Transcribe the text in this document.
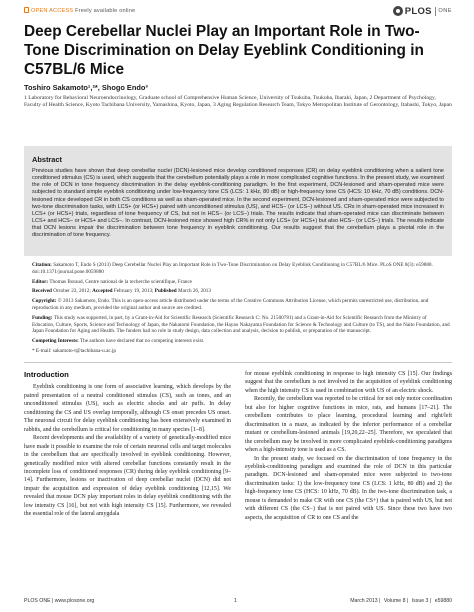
OPEN ACCESS Freely available online	PLOS ONE
Deep Cerebellar Nuclei Play an Important Role in Two-Tone Discrimination on Delay Eyeblink Conditioning in C57BL/6 Mice
Toshiro Sakamoto¹,²*, Shogo Endo³
1 Laboratory for Behavioral Neuroendocrinology, Graduate school of Comprehensive Human Science, University of Tsukuba, Tsukuba, Ibaraki, Japan, 2 Department of Psychology, Faculty of Health Science, Kyoto Tachibana University, Yamashina, Kyoto, Japan, 3 Aging Regulation Research Team, Tokyo Metropolitan Institute of Gerontology, Itabashi, Tokyo, Japan
Abstract

Previous studies have shown that deep cerebellar nuclei (DCN)-lesioned mice develop conditioned responses (CR) on delay eyeblink conditioning when a salient tone conditioned stimulus (CS) is used, which suggests that the cerebellum potentially plays a role in more complicated cognitive functions. In the present study, we examined the role of DCN in tone frequency discrimination in the delay eyeblink-conditioning paradigm. In the first experiment, DCN-lesioned and sham-operated mice were subjected to standard simple eyeblink conditioning under low-frequency tone CS (LCS: 1 kHz, 80 dB) or high-frequency tone CS (HCS: 10 kHz, 70 dB) conditions. DCN-lesioned mice developed CR in both CS conditions as well as sham-operated mice. In the second experiment, DCN-lesioned and sham-operated mice were subjected to two-tone discrimination tasks, with LCS+ (or HCS+) paired with unconditioned stimulus (US), and HCS− (or LCS−) without US. CRs in sham-operated mice increased in LCS+ (or HCS+) trials, regardless of tone frequency of CS, but not in HCS− (or LCS−) trials. The results indicate that sham-operated mice can discriminate between LCS+ and HCS− or HCS+ and LCS−. In contrast, DCN-lesioned mice showed high CR% in not only LCS+ (or HCS+) but also HCS− (or LCS−) trials. The results indicate that DCN lesions impair the discrimination between tone frequency in eyeblink conditioning. Our results suggest that the cerebellum plays a pivotal role in the discrimination of tone frequency.

Citation: Sakamoto T, Endo S (2013) Deep Cerebellar Nuclei Play an Important Role in Two-Tone Discrimination on Delay Eyeblink Conditioning in C57BL/6 Mice. PLoS ONE 8(3): e59880. doi:10.1371/journal.pone.0059880

Editor: Thomas Boraud, Centre national de la recherche scientifique, France

Received October 23, 2012; Accepted February 19, 2013; Published March 26, 2013

Copyright: © 2013 Sakamoto, Endo. This is an open-access article distributed under the terms of the Creative Commons Attribution License, which permits unrestricted use, distribution, and reproduction in any medium, provided the original author and source are credited.

Funding: This study was supported, in part, by a Grant-in-Aid for Scientific Research (Scientific Research C: No. 21500781) and a Grant-in-Aid for Scientific Research from the Ministry of Education, Culture, Sports, Science and Technology of Japan, the Nakatomi Foundation, the Hayao Nakayama Foundation for Science & Technology and Culture (to TS), and the Naito Foundation, and Japan Foundation for Aging and Health. The funders had no role in study design, data collection and analysis, decision to publish, or preparation of the manuscript.

Competing Interests: The authors have declared that no competing interests exist.

* E-mail: sakamoto-t@tachibana-u.ac.jp

Introduction

Eyeblink conditioning is one form of associative learning, which develops by the paired presentation of a neutral conditioned stimulus (CS), such as tones, and an unconditioned stimulus (US), such as electric shocks and air puffs. In delay conditioning the CS and US overlap temporally, although CS onset precedes US onset. The neuronal circuit for delay eyeblink conditioning has been extensively examined in rabbits, and the cerebellum is critical for conditioning in many species [1–8].

Recent developments and the availability of a variety of genetically-modified mice have made it possible to examine the role of certain neuronal cells and target molecules in the cerebellum that are specifically involved in eyeblink conditioning. However, genetically modified mice with altered cerebellar functions constantly result in the incomplete loss of conditioned responses (CR) during delay eyeblink conditioning [9–14]. Furthermore, lesions or inactivation of deep cerebellar nuclei (DCN) did not impair the acquisition and expression of delay eyeblink conditioning [12,15]. We revealed that mouse DCN play important roles in delay eyeblink conditioning with the low intensity CS [16], but not with high intensity CS [15]. Furthermore, we revealed the essential role of the lateral amygdala

for mouse eyeblink conditioning in response to high intensity CS [15]. Our findings suggest that the cerebellum is not involved in the acquisition of eyeblink conditioning when the high intensity CS is used in combination with US of an electric shock.

Recently, the cerebellum was reported to be critical for not only motor coordination but also for higher cognitive functions in mice, rats, and humans [17–21]. The cerebellum contributes to place learning, procedural learning and right/left discrimination in a maze, as indicated by the inferior performance of a cerebellar mutant or cerebellum-lesioned animals [19,20,22–25]. Therefore, we speculated that the cerebellum may be involved in more complicated eyeblink-conditioning paradigms when a high-intensity tone is used as a CS.

In the present study, we focused on the discrimination of tone frequency in the eyeblink-conditioning paradigm and examined the role of DCN in this particular paradigm. DCN-lesioned and sham-operated mice were subjected to two-tone discrimination tasks: 1) the low-frequency tone CS (LCS: 1 kHz, 80 dB) and 2) the high-frequency tone CS (HCS: 10 kHz, 70 dB). In the two-tone discrimination task, a mouse is demanded to make CR with one CS (the CS+) that is paired with US, but not with different CS (the CS−) that is not paired with US. Since these two have two aspects, the acquisition of CR to one CS and the

PLOS ONE | www.plosone.org	1	March 2013 | Volume 8 | Issue 3 | e59880
